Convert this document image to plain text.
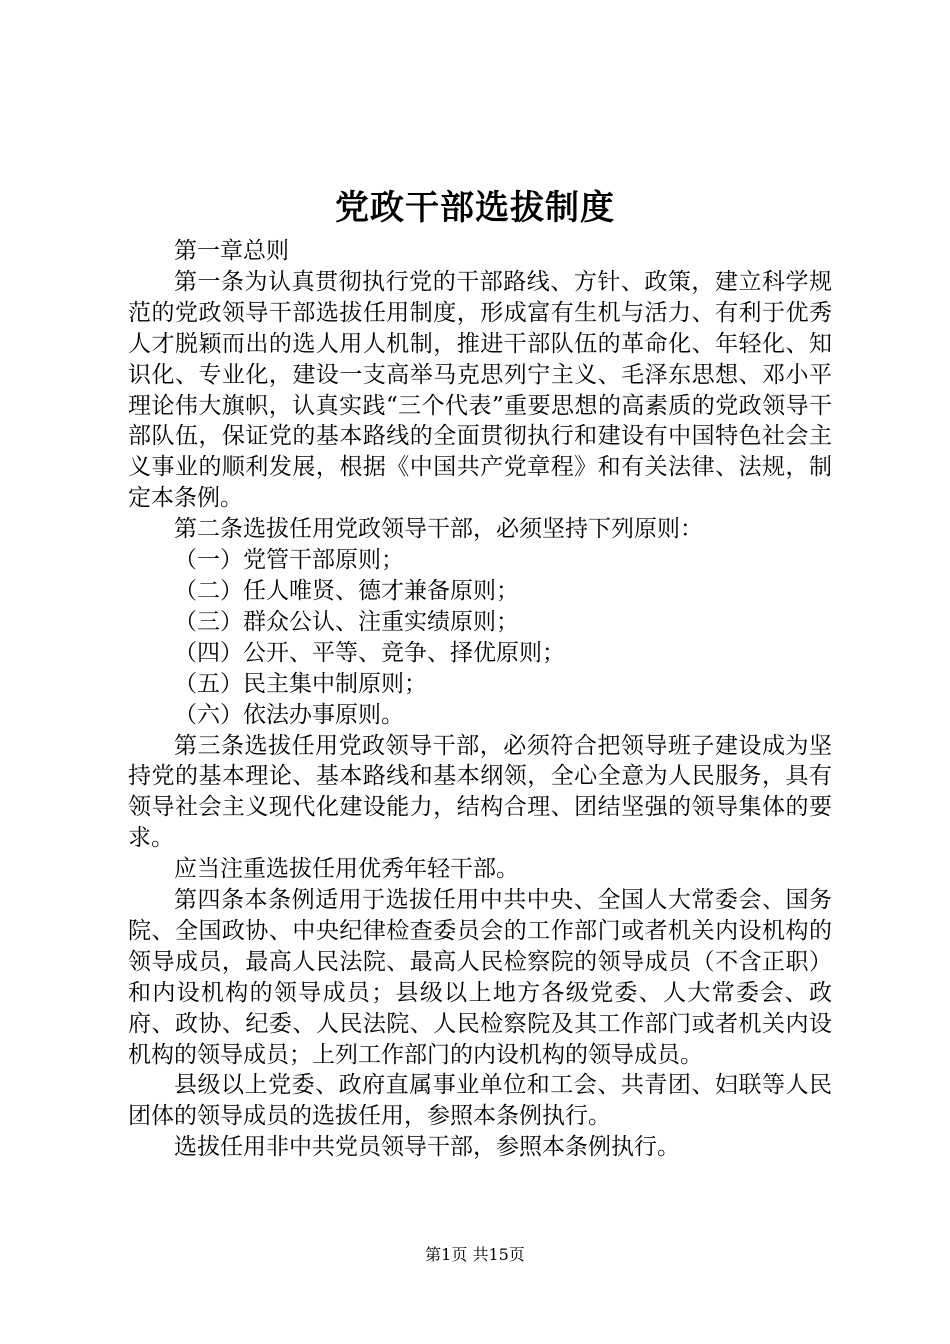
党政干部选拔制度

第一章总则

第一条为认真贯彻执行党的干部路线、方针、政策，建立科学规范的党政领导干部选拔任用制度，形成富有生机与活力、有利于优秀人才脱颖而出的选人用人机制，推进干部队伍的革命化、年轻化、知识化、专业化，建设一支高举马克思列宁主义、毛泽东思想、邓小平理论伟大旗帜，认真实践“三个代表”重要思想的高素质的党政领导干部队伍，保证党的基本路线的全面贯彻执行和建设有中国特色社会主义事业的顺利发展，根据《中国共产党章程》和有关法律、法规，制定本条例。

第二条选拔任用党政领导干部，必须坚持下列原则：

（一）党管干部原则；

（二）任人唯贤、德才兼备原则；

（三）群众公认、注重实绩原则；

（四）公开、平等、竞争、择优原则；

（五）民主集中制原则；

（六）依法办事原则。

第三条选拔任用党政领导干部，必须符合把领导班子建设成为坚持党的基本理论、基本路线和基本纲领，全心全意为人民服务，具有领导社会主义现代化建设能力，结构合理、团结坚强的领导集体的要求。

应当注重选拔任用优秀年轻干部。

第四条本条例适用于选拔任用中共中央、全国人大常委会、国务院、全国政协、中央纪律检查委员会的工作部门或者机关内设机构的领导成员，最高人民法院、最高人民检察院的领导成员（不含正职）和内设机构的领导成员；县级以上地方各级党委、人大常委会、政府、政协、纪委、人民法院、人民检察院及其工作部门或者机关内设机构的领导成员；上列工作部门的内设机构的领导成员。

县级以上党委、政府直属事业单位和工会、共青团、妇联等人民团体的领导成员的选拔任用，参照本条例执行。

选拔任用非中共党员领导干部，参照本条例执行。

第1页 共15页
